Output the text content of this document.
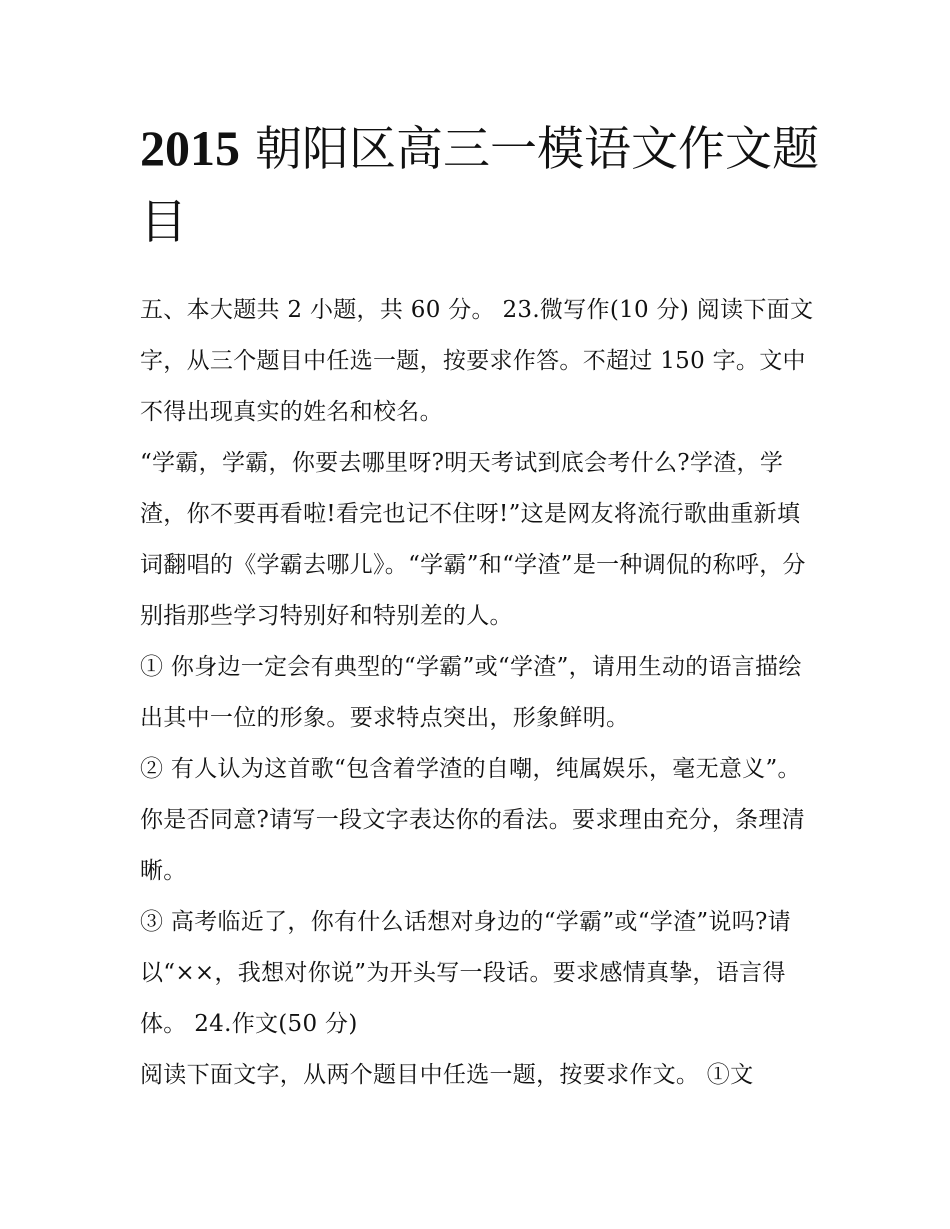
2015 朝阳区高三一模语文作文题目

五、本大题共 2 小题，共 60 分。 23.微写作(10 分) 阅读下面文字，从三个题目中任选一题，按要求作答。不超过 150 字。文中不得出现真实的姓名和校名。

“学霸，学霸，你要去哪里呀?明天考试到底会考什么?学渣，学渣，你不要再看啦!看完也记不住呀!”这是网友将流行歌曲重新填词翻唱的《学霸去哪儿》。“学霸”和“学渣”是一种调侃的称呼，分别指那些学习特别好和特别差的人。

① 你身边一定会有典型的“学霸”或“学渣”，请用生动的语言描绘出其中一位的形象。要求特点突出，形象鲜明。

② 有人认为这首歌“包含着学渣的自嘲，纯属娱乐，毫无意义”。你是否同意?请写一段文字表达你的看法。要求理由充分，条理清晰。

③ 高考临近了，你有什么话想对身边的“学霸”或“学渣”说吗?请以“××，我想对你说”为开头写一段话。要求感情真挚，语言得体。 24.作文(50 分)

阅读下面文字，从两个题目中任选一题，按要求作文。 ①文
